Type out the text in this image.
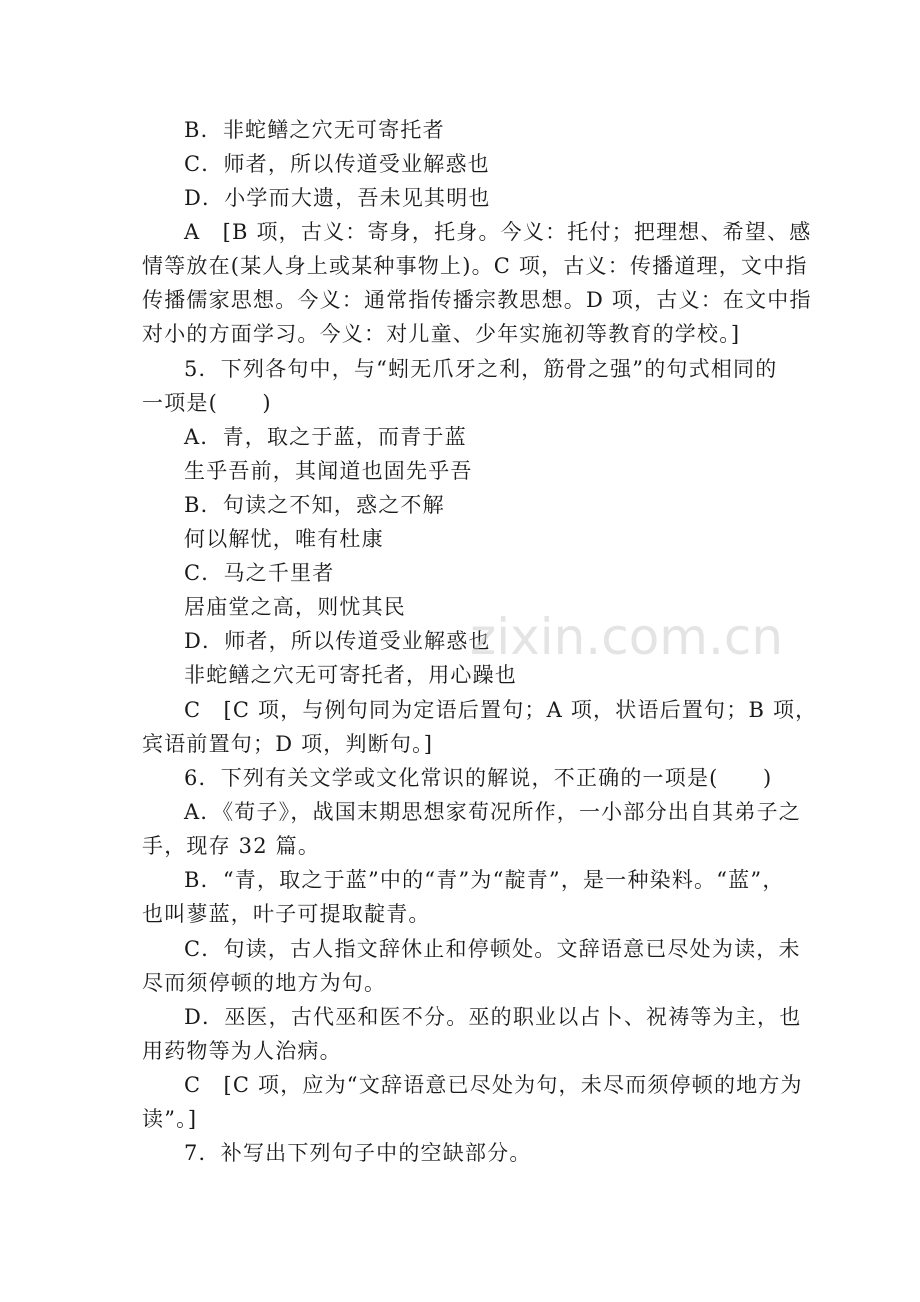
B．非蛇鳝之穴无可寄托者
C．师者，所以传道受业解惑也
D．小学而大遗，吾未见其明也
A　[B 项，古义：寄身，托身。今义：托付；把理想、希望、感
情等放在(某人身上或某种事物上)。C 项，古义：传播道理，文中指
传播儒家思想。今义：通常指传播宗教思想。D 项，古义：在文中指
对小的方面学习。今义：对儿童、少年实施初等教育的学校。]
5．下列各句中，与“蚓无爪牙之利，筋骨之强”的句式相同的
一项是(　　)
A．青，取之于蓝，而青于蓝
生乎吾前，其闻道也固先乎吾
B．句读之不知，惑之不解
何以解忧，唯有杜康
C．马之千里者
居庙堂之高，则忧其民
D．师者，所以传道受业解惑也
非蛇鳝之穴无可寄托者，用心躁也
C　[C 项，与例句同为定语后置句；A 项，状语后置句；B 项，
宾语前置句；D 项，判断句。]
6．下列有关文学或文化常识的解说，不正确的一项是(　　)
A．《荀子》，战国末期思想家荀况所作，一小部分出自其弟子之
手，现存 32 篇。
B．“青，取之于蓝”中的“青”为“靛青”，是一种染料。“蓝”，
也叫蓼蓝，叶子可提取靛青。
C．句读，古人指文辞休止和停顿处。文辞语意已尽处为读，未
尽而须停顿的地方为句。
D．巫医，古代巫和医不分。巫的职业以占卜、祝祷等为主，也
用药物等为人治病。
C　[C 项，应为“文辞语意已尽处为句，未尽而须停顿的地方为
读”。]
7．补写出下列句子中的空缺部分。
zixin.com.cn
